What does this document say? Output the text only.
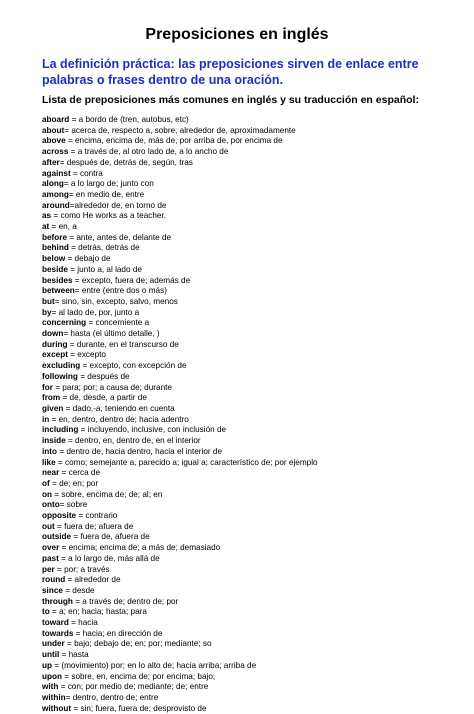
Preposiciones en inglés
La definición práctica: las preposiciones sirven de enlace entre palabras o frases dentro de una oración.
Lista de preposiciones más comunes en inglés y su traducción en español:
aboard = a bordo de (tren, autobus, etc)
about= acerca de, respecto a, sobre, alrededor de, aproximadamente
above = encima, encima de, más de, por arriba de, por encima de
across = a través de, al otro lado de, a lo ancho de
after= después de, detrás de, según, tras
against = contra
along= a lo largo de; junto con
among= en medio de, entre
around=alrededor de, en torno de
as = como He works as a teacher.
at = en, a
before = ante, antes de, delante de
behind = detrás, detrás de
below = debajo de
beside = junto a, al lado de
besides = excepto, fuera de; además de
between= entre (entre dos o más)
but= sino, sin, excepto, salvo, menos
by= al lado de, por, junto a
concerning = concerniente a
down= hasta (el último detalle, )
during = durante, en el transcurso de
except = excepto
excluding = excepto, con excepción de
following = después de
for = para; por; a causa de; durante
from = de, desde, a partir de
given = dado,-a, teniendo en cuenta
in = en, dentro, dentro de; hacia adentro
including = incluyendo, inclusive, con inclusión de
inside = dentro, en, dentro de, en el interior
into = dentro de, hacia dentro, hacia el interior de
like = como; semejante a, parecido a; igual a; característico de; por ejemplo
near = cerca de
of = de; en; por
on = sobre, encima de; de; al; en
onto= sobre
opposite = contrario
out = fuera de; afuera de
outside = fuera de, afuera de
over = encima; encima de; a más de; demasiado
past = a lo largo de, más allá de
per = por; a través
round = alrededor de
since = desde
through = a través de; dentro de; por
to = a; en; hacia; hasta; para
toward = hacia
towards = hacia; en dirección de
under = bajo; debajo de; en; por; mediante; so
until = hasta
up = (movimiento) por; en lo alto de; hacia arriba; arriba de
upon = sobre, en, encima de; por encima; bajo;
with = con; por medio de; mediante; de; entre
within= dentro, dentro de; entre
without = sin; fuera, fuera de; desprovisto de
